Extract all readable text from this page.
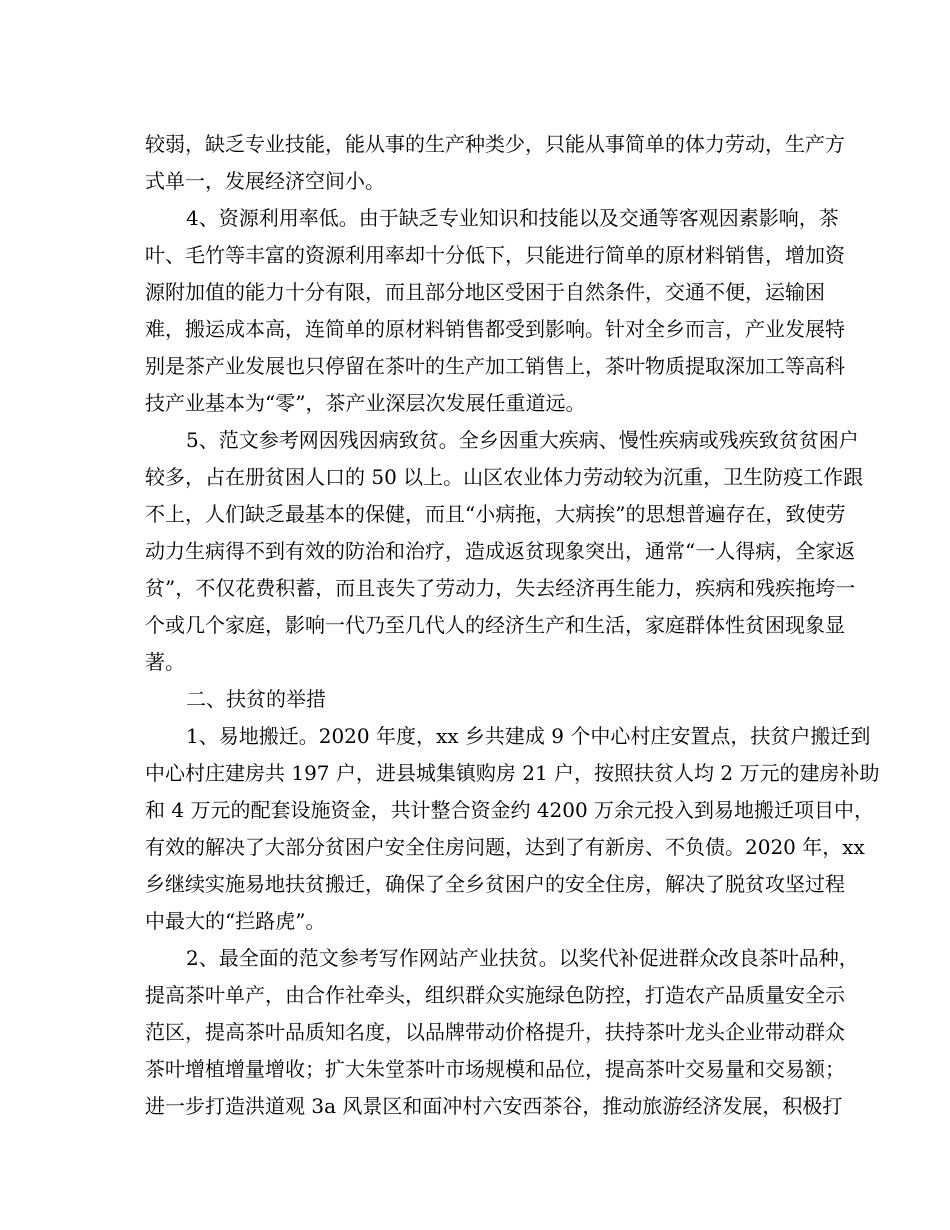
较弱，缺乏专业技能，能从事的生产种类少，只能从事简单的体力劳动，生产方
式单一，发展经济空间小。
4、资源利用率低。由于缺乏专业知识和技能以及交通等客观因素影响，茶
叶、毛竹等丰富的资源利用率却十分低下，只能进行简单的原材料销售，增加资
源附加值的能力十分有限，而且部分地区受困于自然条件，交通不便，运输困
难，搬运成本高，连简单的原材料销售都受到影响。针对全乡而言，产业发展特
别是茶产业发展也只停留在茶叶的生产加工销售上，茶叶物质提取深加工等高科
技产业基本为“零”，茶产业深层次发展任重道远。
5、范文参考网因残因病致贫。全乡因重大疾病、慢性疾病或残疾致贫贫困户
较多，占在册贫困人口的 50 以上。山区农业体力劳动较为沉重，卫生防疫工作跟
不上，人们缺乏最基本的保健，而且“小病拖，大病挨”的思想普遍存在，致使劳
动力生病得不到有效的防治和治疗，造成返贫现象突出，通常“一人得病，全家返
贫”，不仅花费积蓄，而且丧失了劳动力，失去经济再生能力，疾病和残疾拖垮一
个或几个家庭，影响一代乃至几代人的经济生产和生活，家庭群体性贫困现象显
著。
二、扶贫的举措
1、易地搬迁。2020 年度，xx 乡共建成 9 个中心村庄安置点，扶贫户搬迁到
中心村庄建房共 197 户，进县城集镇购房 21 户，按照扶贫人均 2 万元的建房补助
和 4 万元的配套设施资金，共计整合资金约 4200 万余元投入到易地搬迁项目中，
有效的解决了大部分贫困户安全住房问题，达到了有新房、不负债。2020 年，xx
乡继续实施易地扶贫搬迁，确保了全乡贫困户的安全住房，解决了脱贫攻坚过程
中最大的“拦路虎”。
2、最全面的范文参考写作网站产业扶贫。以奖代补促进群众改良茶叶品种，
提高茶叶单产，由合作社牵头，组织群众实施绿色防控，打造农产品质量安全示
范区，提高茶叶品质知名度，以品牌带动价格提升，扶持茶叶龙头企业带动群众
茶叶增植增量增收；扩大朱堂茶叶市场规模和品位，提高茶叶交易量和交易额；
进一步打造洪道观 3a 风景区和面冲村六安西茶谷，推动旅游经济发展，积极打
